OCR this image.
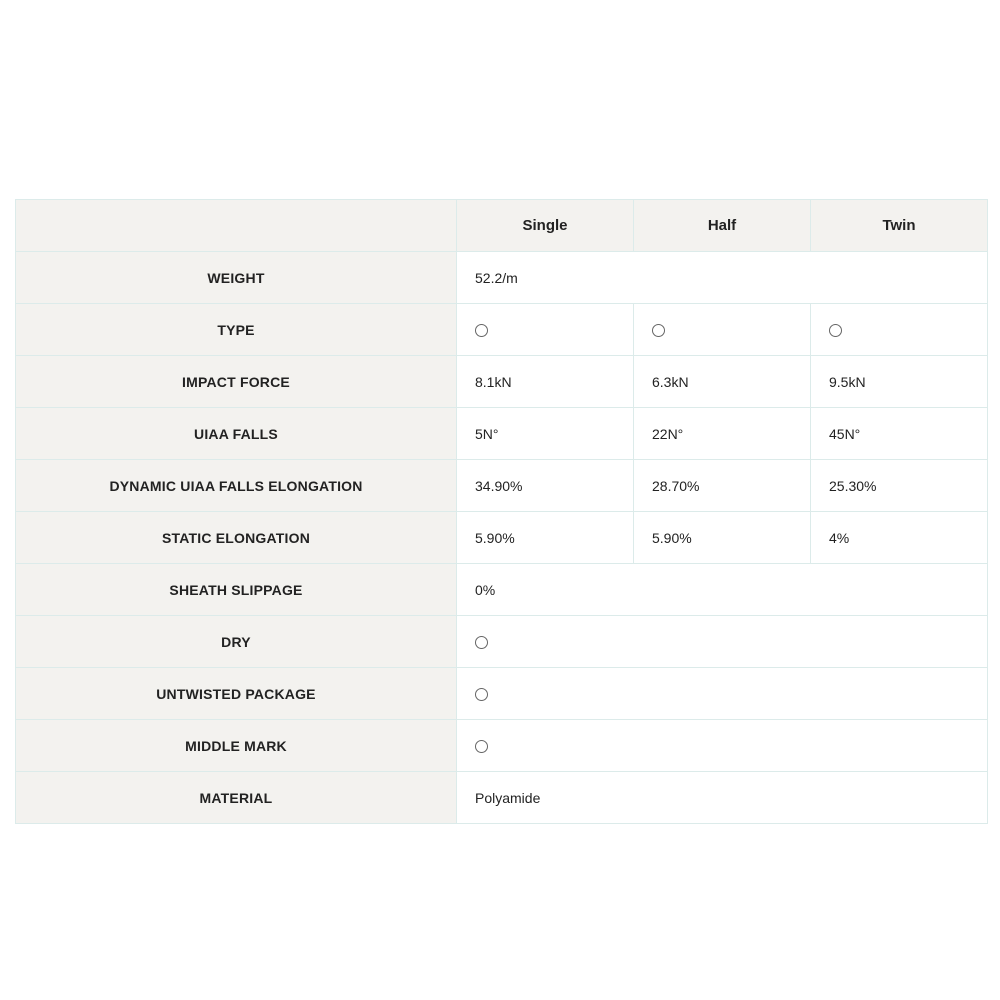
	Single	Half	Twin
WEIGHT	52.2/m		
TYPE			
IMPACT FORCE	8.1kN	6.3kN	9.5kN
UIAA FALLS	5N°	22N°	45N°
DYNAMIC UIAA FALLS ELONGATION	34.90%	28.70%	25.30%
STATIC ELONGATION	5.90%	5.90%	4%
SHEATH SLIPPAGE	0%		
DRY			
UNTWISTED PACKAGE			
MIDDLE MARK			
MATERIAL	Polyamide		
